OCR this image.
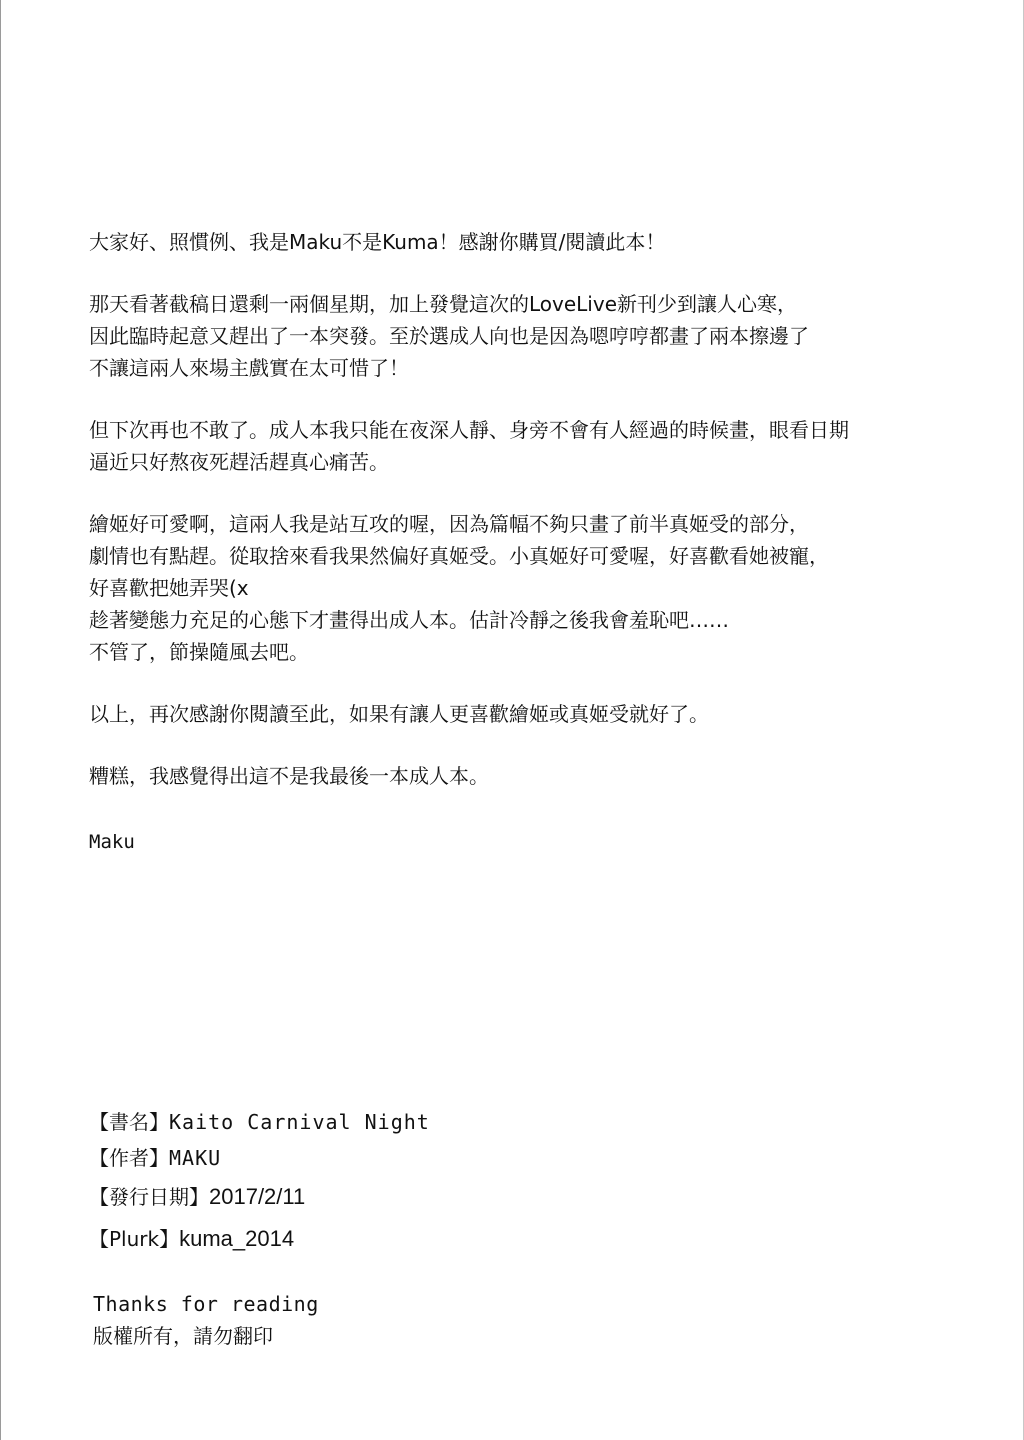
大家好、照慣例、我是Maku不是Kuma！感謝你購買/閱讀此本！

那天看著截稿日還剩一兩個星期，加上發覺這次的LoveLive新刊少到讓人心寒，

因此臨時起意又趕出了一本突發。至於選成人向也是因為嗯哼哼都畫了兩本擦邊了

不讓這兩人來場主戲實在太可惜了！

但下次再也不敢了。成人本我只能在夜深人靜、身旁不會有人經過的時候畫，眼看日期

逼近只好熬夜死趕活趕真心痛苦。

繪姬好可愛啊，這兩人我是站互攻的喔，因為篇幅不夠只畫了前半真姬受的部分，

劇情也有點趕。從取捨來看我果然偏好真姬受。小真姬好可愛喔，好喜歡看她被寵，

好喜歡把她弄哭(x

趁著變態力充足的心態下才畫得出成人本。估計冷靜之後我會羞恥吧……

不管了，節操隨風去吧。

以上，再次感謝你閱讀至此，如果有讓人更喜歡繪姬或真姬受就好了。

糟糕，我感覺得出這不是我最後一本成人本。

Maku

【書名】Kaito Carnival Night
【作者】MAKU
【發行日期】2017/2/11
【Plurk】kuma_2014
Thanks for reading
版權所有，請勿翻印
